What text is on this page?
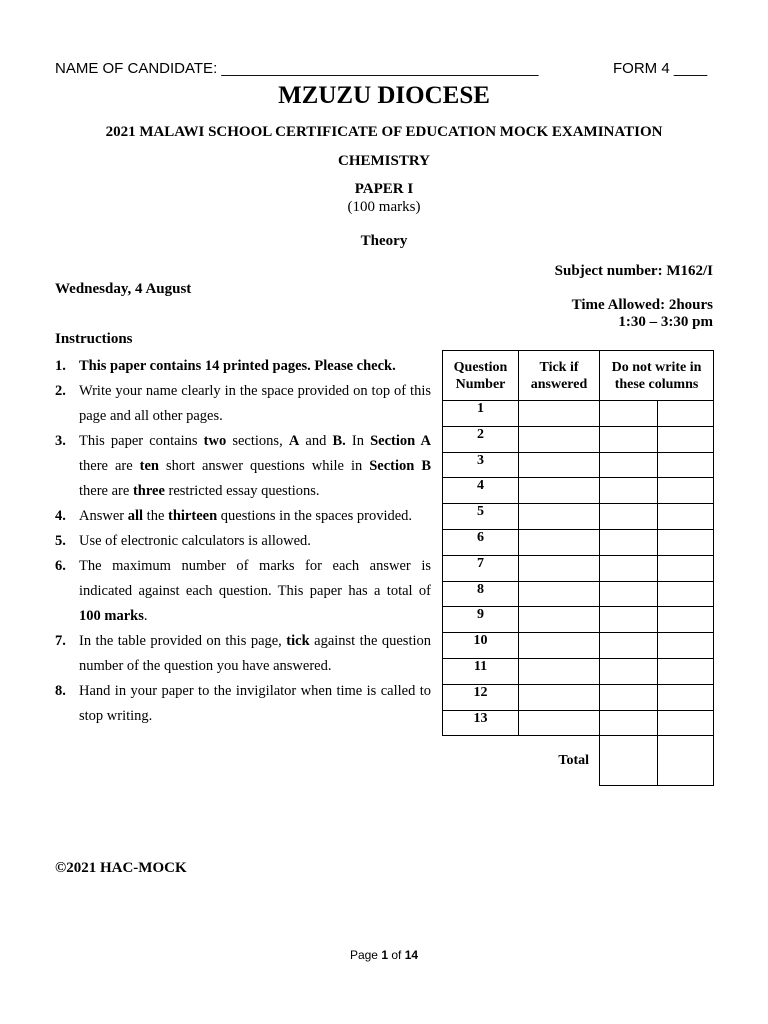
NAME OF CANDIDATE: ______________________________________	FORM 4 ____
MZUZU DIOCESE
2021 MALAWI SCHOOL CERTIFICATE OF EDUCATION MOCK EXAMINATION
CHEMISTRY
PAPER I
(100 marks)
Theory
Subject number: M162/I
Wednesday, 4 August
Time Allowed: 2hours
1:30 – 3:30 pm
Instructions
1. This paper contains 14 printed pages. Please check.
2. Write your name clearly in the space provided on top of this page and all other pages.
3. This paper contains two sections, A and B. In Section A there are ten short answer questions while in Section B there are three restricted essay questions.
4. Answer all the thirteen questions in the spaces provided.
5. Use of electronic calculators is allowed.
6. The maximum number of marks for each answer is indicated against each question. This paper has a total of 100 marks.
7. In the table provided on this page, tick against the question number of the question you have answered.
8. Hand in your paper to the invigilator when time is called to stop writing.
Question Number	Tick if answered	Do not write in these columns	
1			
2			
3			
4			
5			
6			
7			
8			
9			
10			
11			
12			
13			
Total			
©2021 HAC-MOCK
Page 1 of 14
